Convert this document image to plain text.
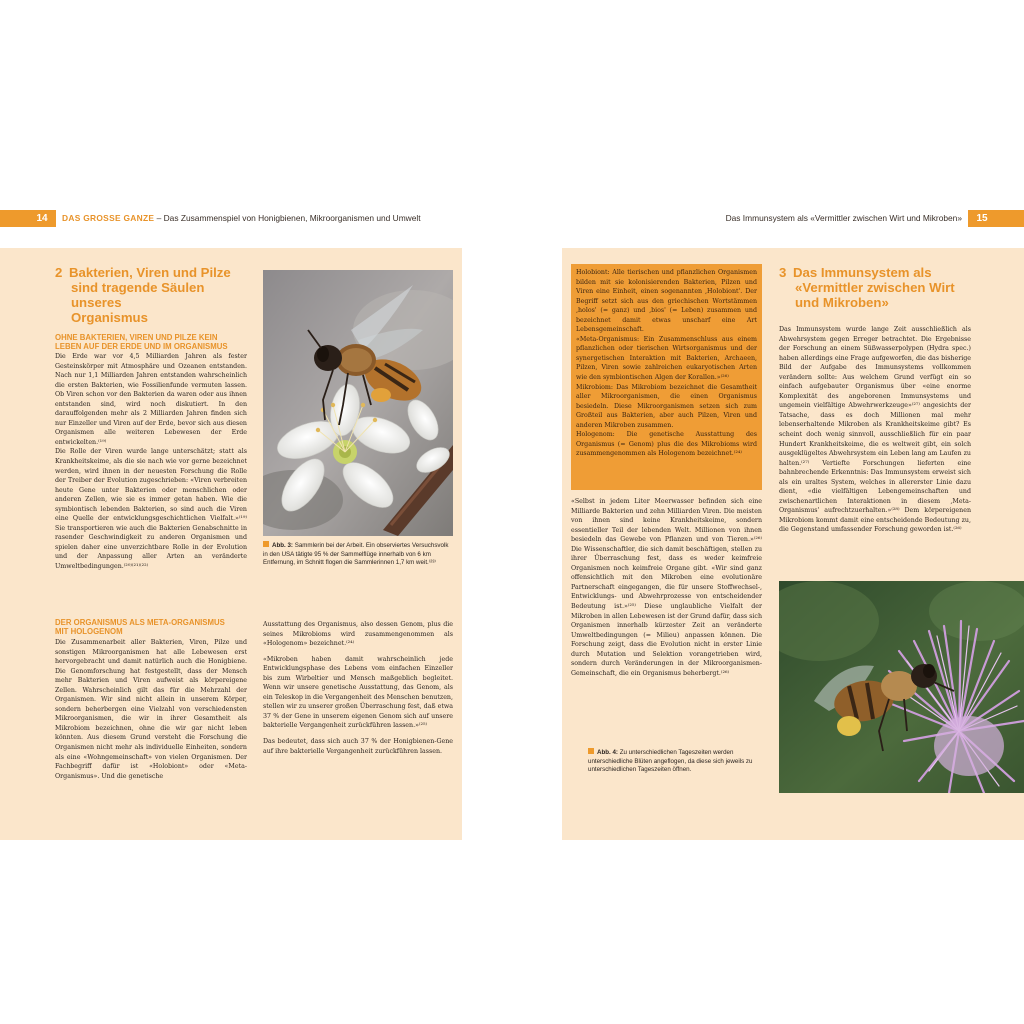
14	DAS GROSSE GANZE – Das Zusammenspiel von Honigbienen, Mikroorganismen und Umwelt	Das Immunsystem als «Vermittler zwischen Wirt und Mikroben»	15
2 Bakterien, Viren und Pilze
sind tragende Säulen unseres
Organismus
OHNE BAKTERIEN, VIREN UND PILZE KEIN
LEBEN AUF DER ERDE UND IM ORGANISMUS

Die Erde war vor 4,5 Milliarden Jahren als fester Gesteinskörper mit Atmosphäre und Ozeanen entstanden. Nach nur 1,1 Milliarden Jahren entstanden wahrscheinlich die ersten Bakterien, wie Fossilienfunde vermuten lassen. Ob Viren schon vor den Bakterien da waren oder aus ihnen entstanden sind, wird noch diskutiert. In den darauffolgenden mehr als 2 Milliarden Jahren finden sich nur Einzeller und Viren auf der Erde, bevor sich aus diesen Organismen alle weiteren Lebewesen der Erde entwickelten.⁽¹⁹⁾

Die Rolle der Viren wurde lange unterschätzt; statt als Krankheitskeime, als die sie nach wie vor gerne bezeichnet werden, wird ihnen in der neuesten Forschung die Rolle der Treiber der Evolution zugeschrieben: «Viren verbreiten heute Gene unter Bakterien oder menschlichen oder anderen Zellen, wie sie es immer getan haben. Wie die symbiontisch lebenden Bakterien, so sind auch die Viren eine Quelle der entwicklungsgeschichtlichen Vielfalt.»⁽¹⁹⁾ Sie transportieren wie auch die Bakterien Genabschnitte in rasender Geschwindigkeit zu anderen Organismen und spielen daher eine unverzichtbare Rolle in der Evolution und der Anpassung aller Arten an veränderte Umweltbedingungen.⁽²⁰⁾⁽²¹⁾⁽²²⁾

DER ORGANISMUS ALS META-ORGANISMUS
MIT HOLOGENOM

Die Zusammenarbeit aller Bakterien, Viren, Pilze und sonstigen Mikroorganismen hat alle Lebewesen erst hervorgebracht und damit natürlich auch die Honigbiene. Die Genomforschung hat festgestellt, dass der Mensch mehr Bakterien und Viren aufweist als körpereigene Zellen. Wahrscheinlich gilt das für die Mehrzahl der Organismen. Wir sind nicht allein in unserem Körper, sondern beherbergen eine Vielzahl von verschiedensten Mikroorganismen, die wir in ihrer Gesamtheit als Mikrobiom bezeichnen, ohne die wir gar nicht leben könnten. Aus diesem Grund versteht die Forschung die Organismen nicht mehr als individuelle Einheiten, sondern als eine «Wohngemeinschaft» von vielen Organismen. Der Fachbegriff dafür ist «Holobiont» oder «Meta-Organismus». Und die genetische

Abb. 3: Sammlerin bei der Arbeit. Ein observiertes Versuchsvolk in den USA tätigte 95 % der Sammelflüge innerhalb von 6 km Entfernung, im Schnitt flogen die Sammlerinnen 1,7 km weit.⁽²³⁾

Ausstattung des Organismus, also dessen Genom, plus die seines Mikrobioms wird zusammengenommen als «Hologenom» bezeichnet.⁽²⁴⁾

«Mikroben haben damit wahrscheinlich jede Entwicklungsphase des Lebens vom einfachen Einzeller bis zum Wirbeltier und Mensch maßgeblich begleitet. Wenn wir unsere genetische Ausstattung, das Genom, als ein Teleskop in die Vergangenheit des Menschen benutzen, stellen wir zu unserer großen Überraschung fest, daß etwa 37 % der Gene in unserem eigenen Genom sich auf unsere bakterielle Vergangenheit zurückführen lassen.»⁽²⁵⁾

Das bedeutet, dass sich auch 37 % der Honigbienen-Gene auf ihre bakterielle Vergangenheit zurückführen lassen.

Holobiont: Alle tierischen und pflanzlichen Organismen bilden mit sie kolonisierenden Bakterien, Pilzen und Viren eine Einheit, einen sogenannten ‚Holobiont'. Der Begriff setzt sich aus den griechischen Wortstämmen ‚holos' (= ganz) und ‚bios' (= Leben) zusammen und bezeichnet damit etwas unscharf eine Art Lebensgemeinschaft.

«Meta-Organismus: Ein Zusammenschluss aus einem pflanzlichen oder tierischen Wirtsorganismus und der synergetischen Interaktion mit Bakterien, Archaeen, Pilzen, Viren sowie zahlreichen eukaryotischen Arten wie den symbiontischen Algen der Korallen.»⁽²⁶⁾

Mikrobiom: Das Mikrobiom bezeichnet die Gesamtheit aller Mikroorganismen, die einen Organismus besiedeln. Diese Mikroorganismen setzen sich zum Großteil aus Bakterien, aber auch Pilzen, Viren und anderen Mikroben zusammen.

Hologenom: Die genetische Ausstattung des Organismus (= Genom) plus die des Mikrobioms wird zusammengenommen als Hologenom bezeichnet.⁽²⁴⁾

«Selbst in jedem Liter Meerwasser befinden sich eine Milliarde Bakterien und zehn Milliarden Viren. Die meisten von ihnen sind keine Krankheitskeime, sondern essentieller Teil der lebenden Welt. Millionen von ihnen besiedeln das Gewebe von Pflanzen und von Tieren.»⁽²⁶⁾ Die Wissenschaftler, die sich damit beschäftigen, stellen zu ihrer Überraschung fest, dass es weder keimfreie Organismen noch keimfreie Organe gibt. «Wir sind ganz offensichtlich mit den Mikroben eine evolutionäre Partnerschaft eingegangen, die für unsere Stoffwechsel-, Entwicklungs- und Abwehrprozesse von entscheidender Bedeutung ist.»⁽²⁵⁾ Diese unglaubliche Vielfalt der Mikroben in allen Lebewesen ist der Grund dafür, dass sich Organismen innerhalb kürzester Zeit an veränderte Umweltbedingungen (= Milieu) anpassen können. Die Forschung zeigt, dass die Evolution nicht in erster Linie durch Mutation und Selektion vorangetrieben wird, sondern durch Veränderungen in der Mikroorganismen-Gemeinschaft, die ein Organismus beherbergt.⁽²⁶⁾

Abb. 4: Zu unterschiedlichen Tageszeiten werden unterschiedliche Blüten angeflogen, da diese sich jeweils zu unterschiedlichen Tageszeiten öffnen.
3 Das Immunsystem als
«Vermittler zwischen Wirt
und Mikroben»

Das Immunsystem wurde lange Zeit ausschließlich als Abwehrsystem gegen Erreger betrachtet. Die Ergebnisse der Forschung an einem Süßwasserpolypen (Hydra spec.) haben allerdings eine Frage aufgeworfen, die das bisherige Bild der Aufgabe des Immunsystems vollkommen verändern sollte: Aus welchem Grund verfügt ein so einfach aufgebauter Organismus über «eine enorme Komplexität des angeborenen Immunsystems und ungemein vielfältige Abwehrwerkzeuge»⁽²⁷⁾ angesichts der Tatsache, dass es doch Millionen mal mehr lebenserhaltende Mikroben als Krankheitskeime gibt? Es scheint doch wenig sinnvoll, ausschließlich für ein paar Hundert Krankheitskeime, die es weltweit gibt, ein solch ausgeklügeltes Abwehrsystem ein Leben lang am Laufen zu halten.⁽²⁷⁾ Vertiefte Forschungen lieferten eine bahnbrechende Erkenntnis: Das Immunsystem erweist sich als ein uraltes System, welches in allererster Linie dazu dient, «die vielfältigen Lebengemeinschaften und zwischenartlichen Interaktionen in diesem ‚Meta-Organismus' aufrechtzuerhalten.»⁽²⁸⁾ Dem körpereigenen Mikrobiom kommt damit eine entscheidende Bedeutung zu, die Gegenstand umfassender Forschung geworden ist.⁽²⁶⁾
